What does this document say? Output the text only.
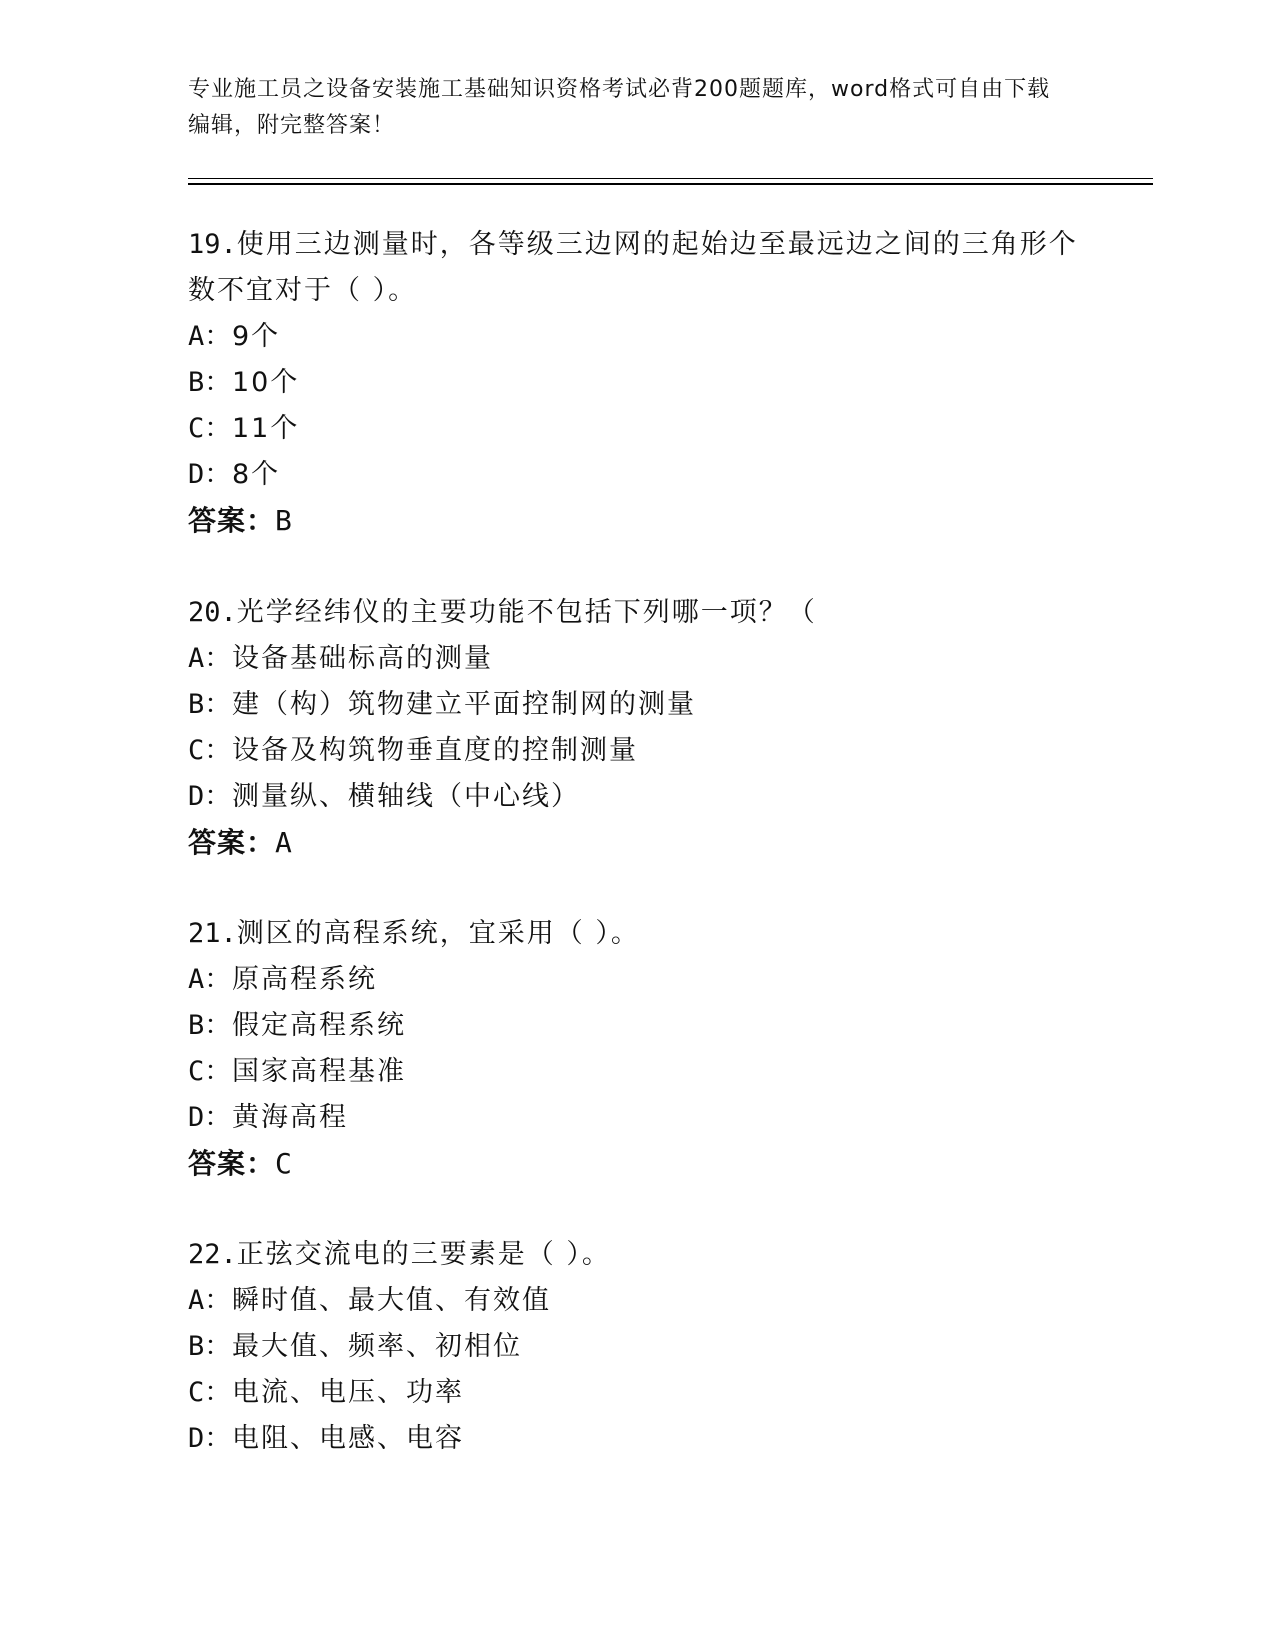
专业施工员之设备安装施工基础知识资格考试必背200题题库，word格式可自由下载编辑，附完整答案！

19.使用三边测量时，各等级三边网的起始边至最远边之间的三角形个数不宜对于（ ）。

A： 9个
B： 10个
C： 11个
D： 8个
答案：B

20.光学经纬仪的主要功能不包括下列哪一项？（

A： 设备基础标高的测量
B： 建（构）筑物建立平面控制网的测量
C： 设备及构筑物垂直度的控制测量
D： 测量纵、横轴线（中心线）
答案：A

21.测区的高程系统，宜采用（ ）。

A： 原高程系统
B： 假定高程系统
C： 国家高程基准
D： 黄海高程
答案：C

22.正弦交流电的三要素是（ ）。

A： 瞬时值、最大值、有效值
B： 最大值、频率、初相位
C： 电流、电压、功率
D： 电阻、电感、电容
